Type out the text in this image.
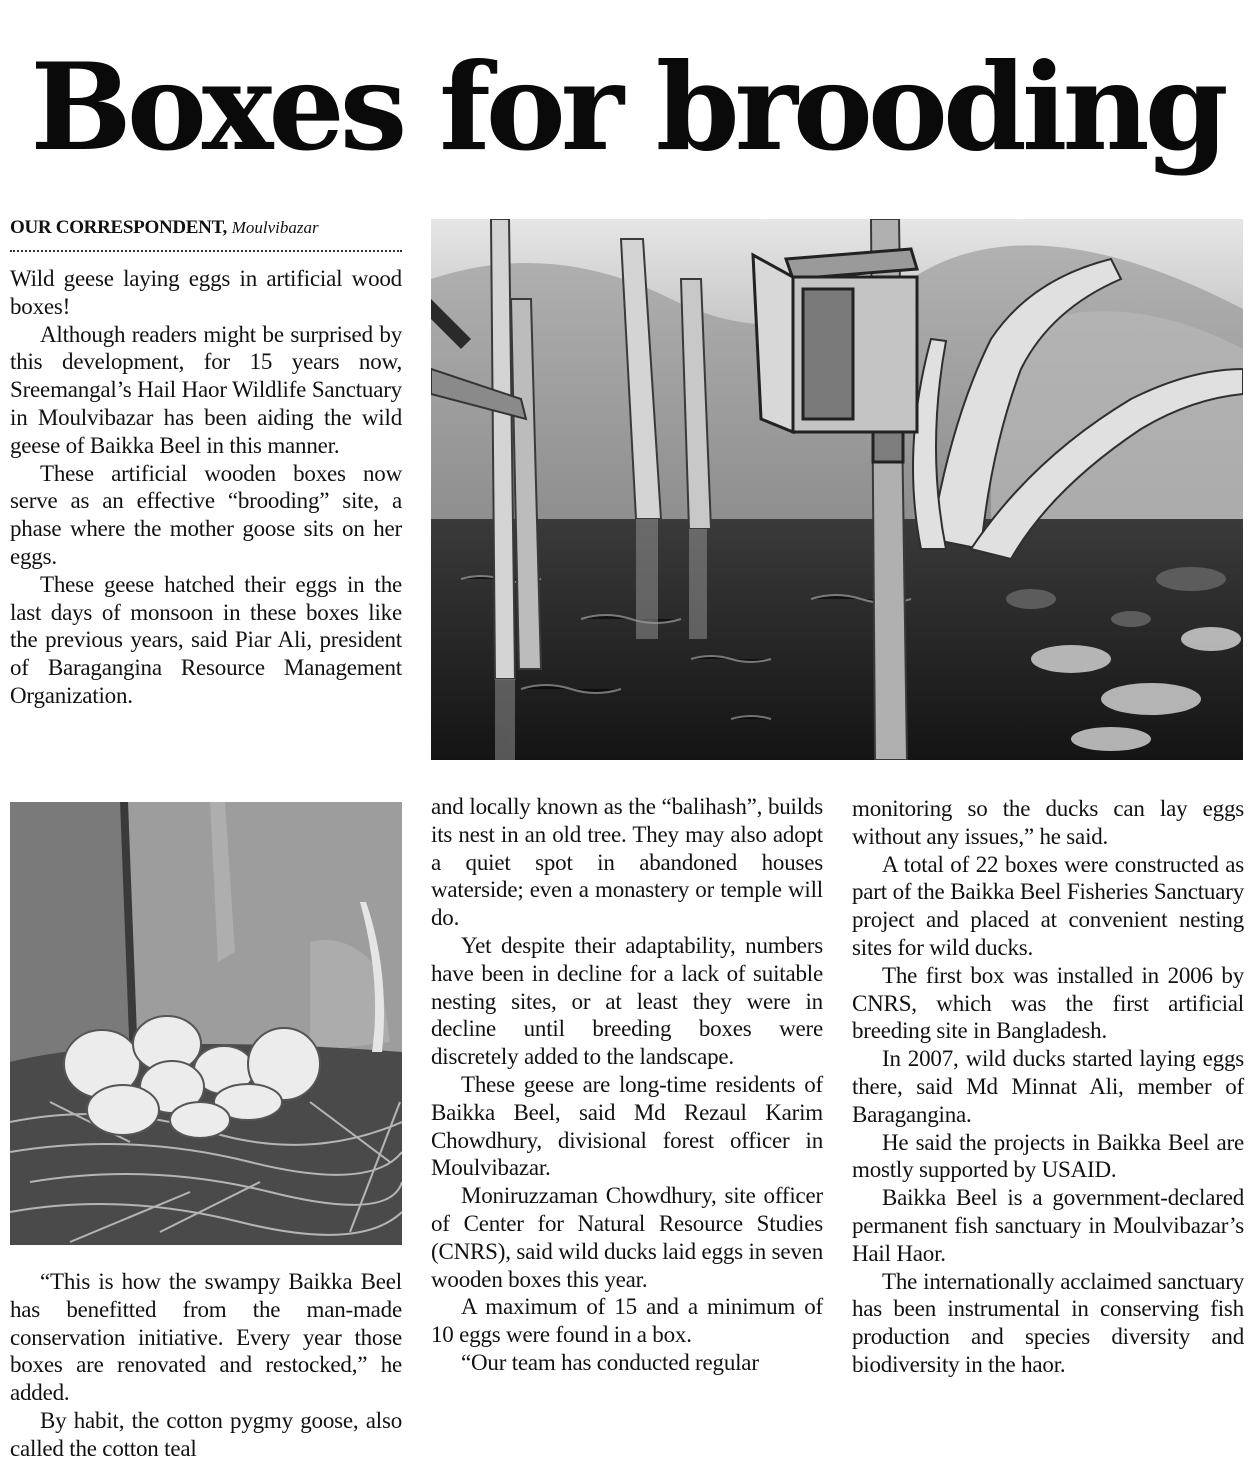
Boxes for brooding
OUR CORRESPONDENT, Moulvibazar

Wild geese laying eggs in artificial wood boxes!

Although readers might be surprised by this development, for 15 years now, Sreemangal’s Hail Haor Wildlife Sanctuary in Moulvibazar has been aiding the wild geese of Baikka Beel in this manner.

These artificial wooden boxes now serve as an effective “brooding” site, a phase where the mother goose sits on her eggs.

These geese hatched their eggs in the last days of monsoon in these boxes like the previous years, said Piar Ali, president of Baragangina Resource Management Organization.

“This is how the swampy Baikka Beel has benefitted from the man-made conservation initiative. Every year those boxes are renovated and restocked,” he added.

By habit, the cotton pygmy goose, also called the cotton teal

and locally known as the “balihash”, builds its nest in an old tree. They may also adopt a quiet spot in abandoned houses waterside; even a monastery or temple will do.

Yet despite their adaptability, numbers have been in decline for a lack of suitable nesting sites, or at least they were in decline until breeding boxes were discretely added to the landscape.

These geese are long-time residents of Baikka Beel, said Md Rezaul Karim Chowdhury, divisional forest officer in Moulvibazar.

Moniruzzaman Chowdhury, site officer of Center for Natural Resource Studies (CNRS), said wild ducks laid eggs in seven wooden boxes this year.

A maximum of 15 and a minimum of 10 eggs were found in a box.

“Our team has conducted regular

monitoring so the ducks can lay eggs without any issues,” he said.

A total of 22 boxes were constructed as part of the Baikka Beel Fisheries Sanctuary project and placed at convenient nesting sites for wild ducks.

The first box was installed in 2006 by CNRS, which was the first artificial breeding site in Bangladesh.

In 2007, wild ducks started laying eggs there, said Md Minnat Ali, member of Baragangina.

He said the projects in Baikka Beel are mostly supported by USAID.

Baikka Beel is a government-declared permanent fish sanctuary in Moulvibazar’s Hail Haor.

The internationally acclaimed sanctuary has been instrumental in conserving fish production and species diversity and biodiversity in the haor.
